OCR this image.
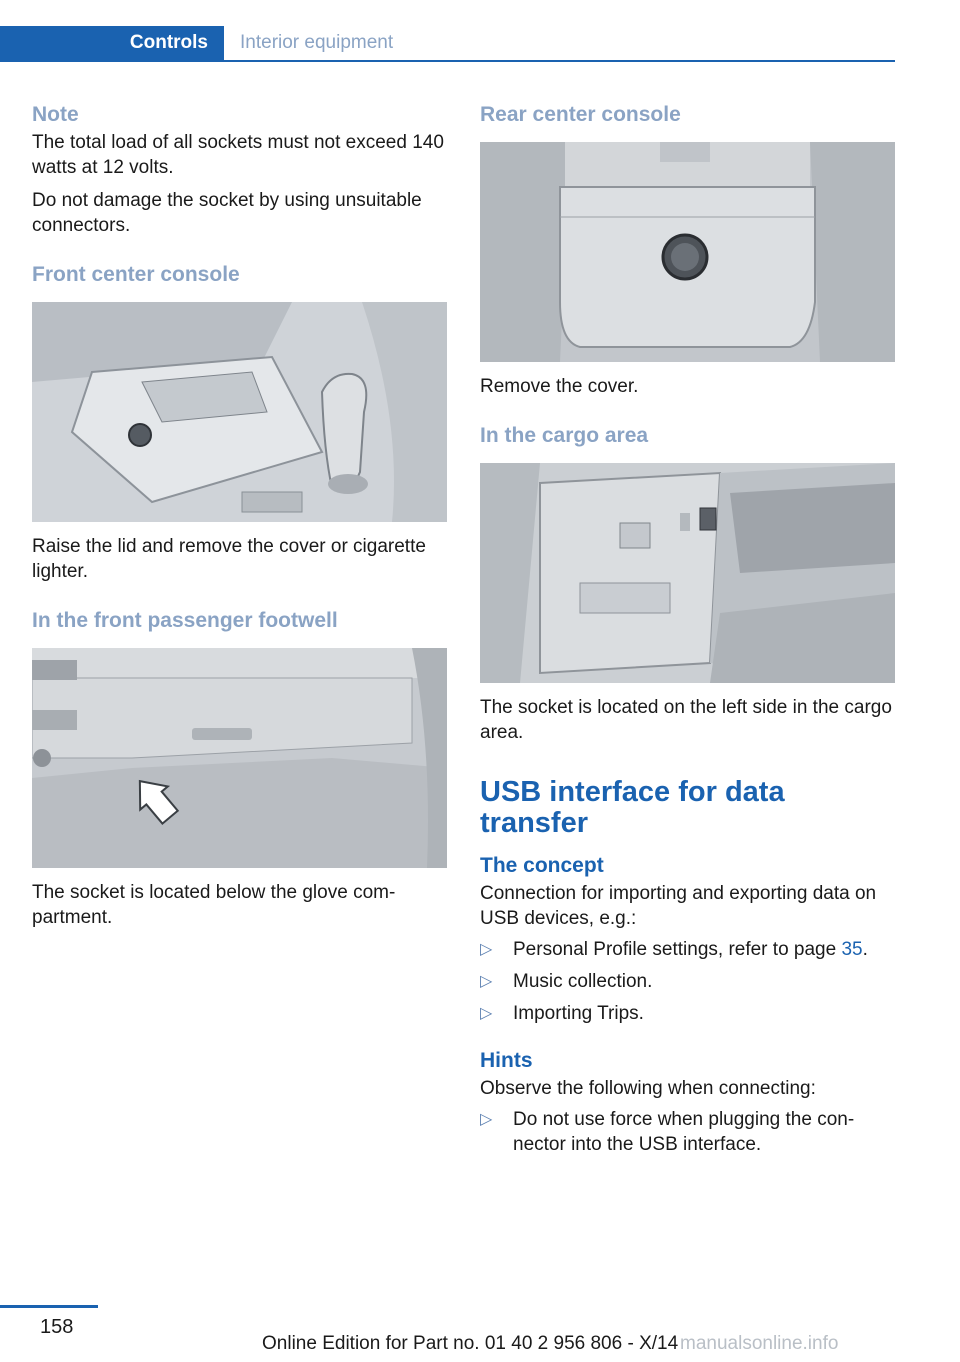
Controls	Interior equipment
Note

The total load of all sockets must not exceed 140 watts at 12 volts.

Do not damage the socket by using unsuitable connectors.

Front center console

Raise the lid and remove the cover or cigarette lighter.

In the front passenger footwell

The socket is located below the glove com‐ partment.

Rear center console

Remove the cover.

In the cargo area

The socket is located on the left side in the cargo area.

USB interface for data transfer
The concept

Connection for importing and exporting data on USB devices, e.g.:

▷ Personal Profile settings, refer to page 35.
▷ Music collection.
▷ Importing Trips.
Hints

Observe the following when connecting:

▷ Do not use force when plugging the con‐ nector into the USB interface.
158
Online Edition for Part no. 01 40 2 956 806 - X/14 manualsonline.info
